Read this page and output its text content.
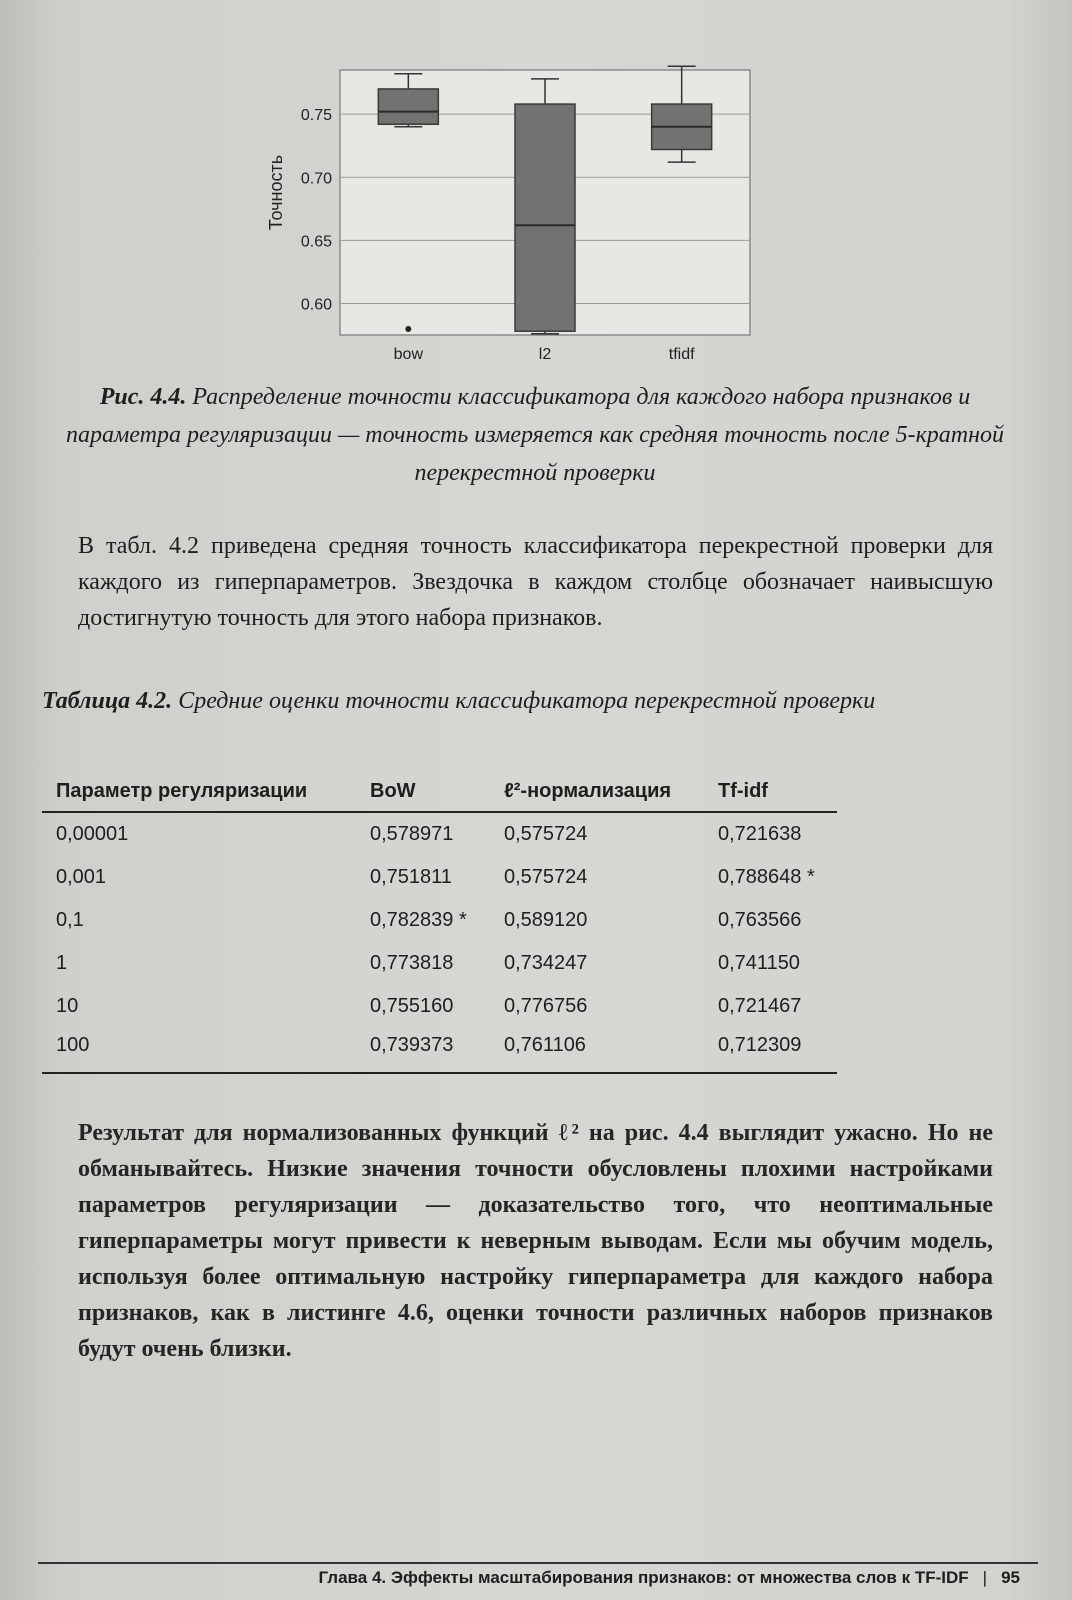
0.60
0.65
0.70
0.75
Точность
bow	l2	tfidf
Рис. 4.4. Распределение точности классификатора для каждого набора признаков и параметра регуляризации — точность измеряется как средняя точность после 5-кратной перекрестной проверки
В табл. 4.2 приведена средняя точность классификатора перекрестной проверки для каждого из гиперпараметров. Звездочка в каждом столбце обозначает наивысшую достигнутую точность для этого набора признаков.
Таблица 4.2. Средние оценки точности классификатора перекрестной проверки
Параметр регуляризации	BoW	ℓ²-нормализация	Tf-idf
0,00001	0,578971	0,575724	0,721638
0,001	0,751811	0,575724	0,788648 *
0,1	0,782839 *	0,589120	0,763566
1	0,773818	0,734247	0,741150
10	0,755160	0,776756	0,721467
100	0,739373	0,761106	0,712309
Результат для нормализованных функций ℓ² на рис. 4.4 выглядит ужасно. Но не обманывайтесь. Низкие значения точности обусловлены плохими настройками параметров регуляризации — доказательство того, что неоптимальные гиперпараметры могут привести к неверным выводам. Если мы обучим модель, используя более оптимальную настройку гиперпараметра для каждого набора признаков, как в листинге 4.6, оценки точности различных наборов признаков будут очень близки.
Глава 4. Эффекты масштабирования признаков: от множества слов к TF-IDF | 95
